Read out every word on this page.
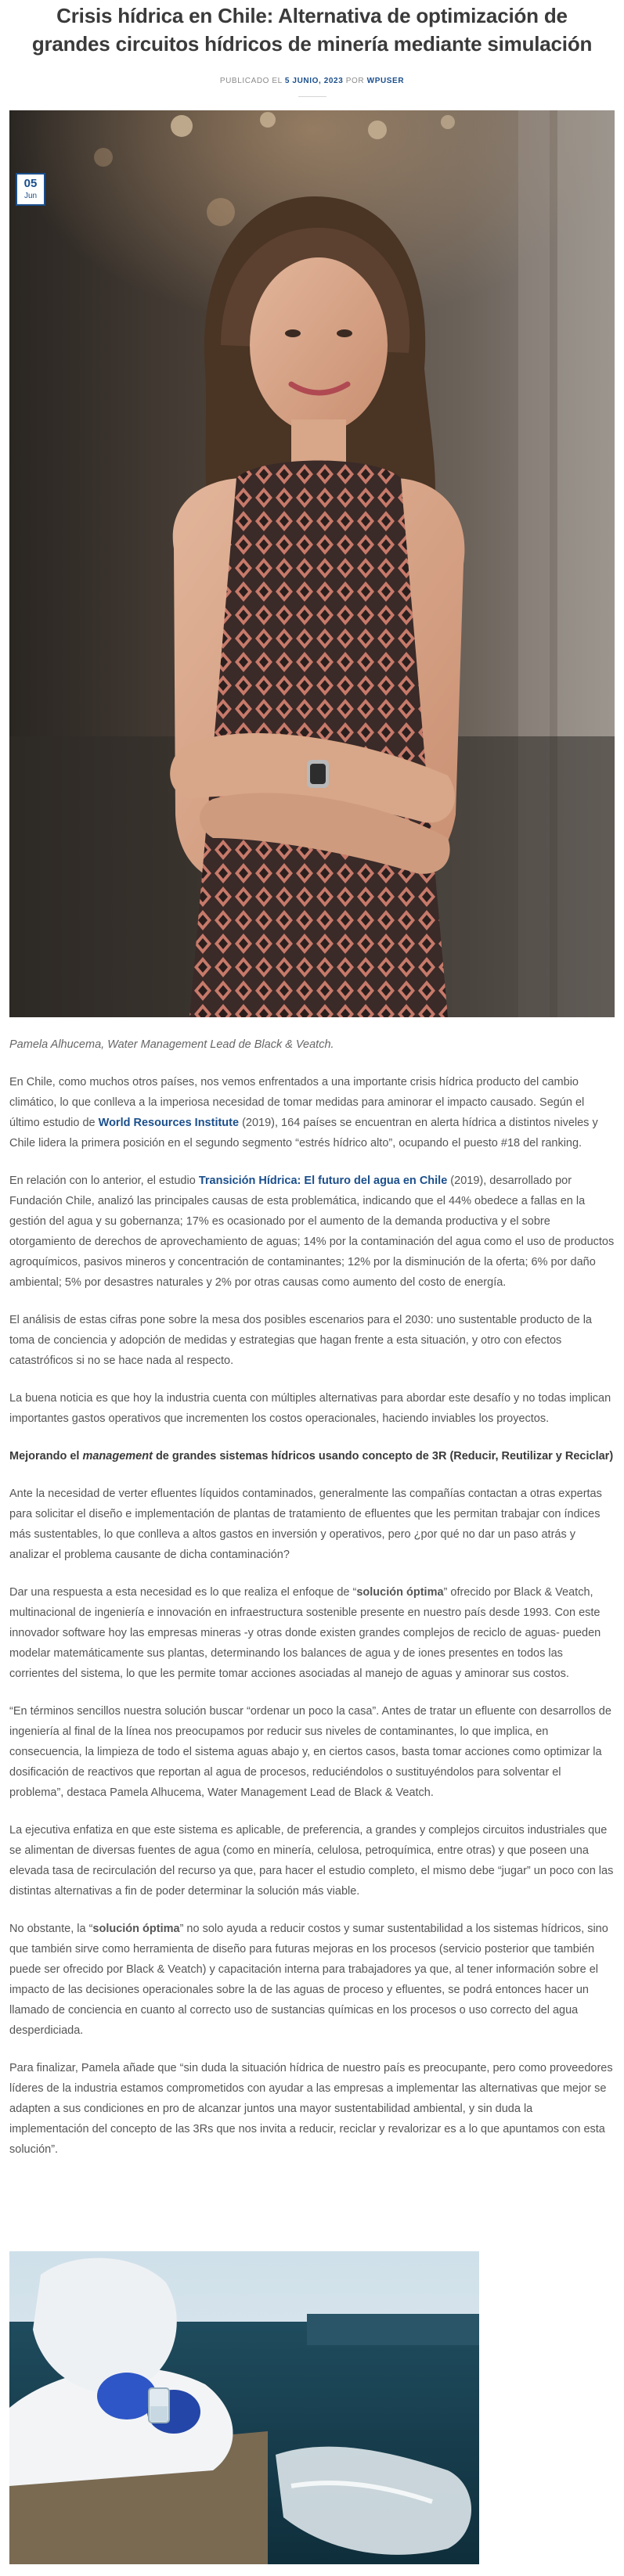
Crisis hídrica en Chile: Alternativa de optimización de grandes circuitos hídricos de minería mediante simulación
PUBLICADO EL 5 JUNIO, 2023 POR WPUSER
05
Jun

Pamela Alhucema, Water Management Lead de Black & Veatch.

En Chile, como muchos otros países, nos vemos enfrentados a una importante crisis hídrica producto del cambio climático, lo que conlleva a la imperiosa necesidad de tomar medidas para aminorar el impacto causado. Según el último estudio de World Resources Institute (2019), 164 países se encuentran en alerta hídrica a distintos niveles y Chile lidera la primera posición en el segundo segmento “estrés hídrico alto”, ocupando el puesto #18 del ranking.

En relación con lo anterior, el estudio Transición Hídrica: El futuro del agua en Chile (2019), desarrollado por Fundación Chile, analizó las principales causas de esta problemática, indicando que el 44% obedece a fallas en la gestión del agua y su gobernanza; 17% es ocasionado por el aumento de la demanda productiva y el sobre otorgamiento de derechos de aprovechamiento de aguas; 14% por la contaminación del agua como el uso de productos agroquímicos, pasivos mineros y concentración de contaminantes; 12% por la disminución de la oferta; 6% por daño ambiental; 5% por desastres naturales y 2% por otras causas como aumento del costo de energía.

El análisis de estas cifras pone sobre la mesa dos posibles escenarios para el 2030: uno sustentable producto de la toma de conciencia y adopción de medidas y estrategias que hagan frente a esta situación, y otro con efectos catastróficos si no se hace nada al respecto.

La buena noticia es que hoy la industria cuenta con múltiples alternativas para abordar este desafío y no todas implican importantes gastos operativos que incrementen los costos operacionales, haciendo inviables los proyectos.

Mejorando el management de grandes sistemas hídricos usando concepto de 3R (Reducir, Reutilizar y Reciclar)

Ante la necesidad de verter efluentes líquidos contaminados, generalmente las compañías contactan a otras expertas para solicitar el diseño e implementación de plantas de tratamiento de efluentes que les permitan trabajar con índices más sustentables, lo que conlleva a altos gastos en inversión y operativos, pero ¿por qué no dar un paso atrás y analizar el problema causante de dicha contaminación?

Dar una respuesta a esta necesidad es lo que realiza el enfoque de “solución óptima” ofrecido por Black & Veatch, multinacional de ingeniería e innovación en infraestructura sostenible presente en nuestro país desde 1993. Con este innovador software hoy las empresas mineras -y otras donde existen grandes complejos de reciclo de aguas- pueden modelar matemáticamente sus plantas, determinando los balances de agua y de iones presentes en todos las corrientes del sistema, lo que les permite tomar acciones asociadas al manejo de aguas y aminorar sus costos.

“En términos sencillos nuestra solución buscar “ordenar un poco la casa”. Antes de tratar un efluente con desarrollos de ingeniería al final de la línea nos preocupamos por reducir sus niveles de contaminantes, lo que implica, en consecuencia, la limpieza de todo el sistema aguas abajo y, en ciertos casos, basta tomar acciones como optimizar la dosificación de reactivos que reportan al agua de procesos, reduciéndolos o sustituyéndolos para solventar el problema”, destaca Pamela Alhucema, Water Management Lead de Black & Veatch.

La ejecutiva enfatiza en que este sistema es aplicable, de preferencia, a grandes y complejos circuitos industriales que se alimentan de diversas fuentes de agua (como en minería, celulosa, petroquímica, entre otras) y que poseen una elevada tasa de recirculación del recurso ya que, para hacer el estudio completo, el mismo debe “jugar” un poco con las distintas alternativas a fin de poder determinar la solución más viable.

No obstante, la “solución óptima” no solo ayuda a reducir costos y sumar sustentabilidad a los sistemas hídricos, sino que también sirve como herramienta de diseño para futuras mejoras en los procesos (servicio posterior que también puede ser ofrecido por Black & Veatch) y capacitación interna para trabajadores ya que, al tener información sobre el impacto de las decisiones operacionales sobre la de las aguas de proceso y efluentes, se podrá entonces hacer un llamado de conciencia en cuanto al correcto uso de sustancias químicas en los procesos o uso correcto del agua desperdiciada.

Para finalizar, Pamela añade que “sin duda la situación hídrica de nuestro país es preocupante, pero como proveedores líderes de la industria estamos comprometidos con ayudar a las empresas a implementar las alternativas que mejor se adapten a sus condiciones en pro de alcanzar juntos una mayor sustentabilidad ambiental, y sin duda la implementación del concepto de las 3Rs que nos invita a reducir, reciclar y revalorizar es a lo que apuntamos con esta solución”.
